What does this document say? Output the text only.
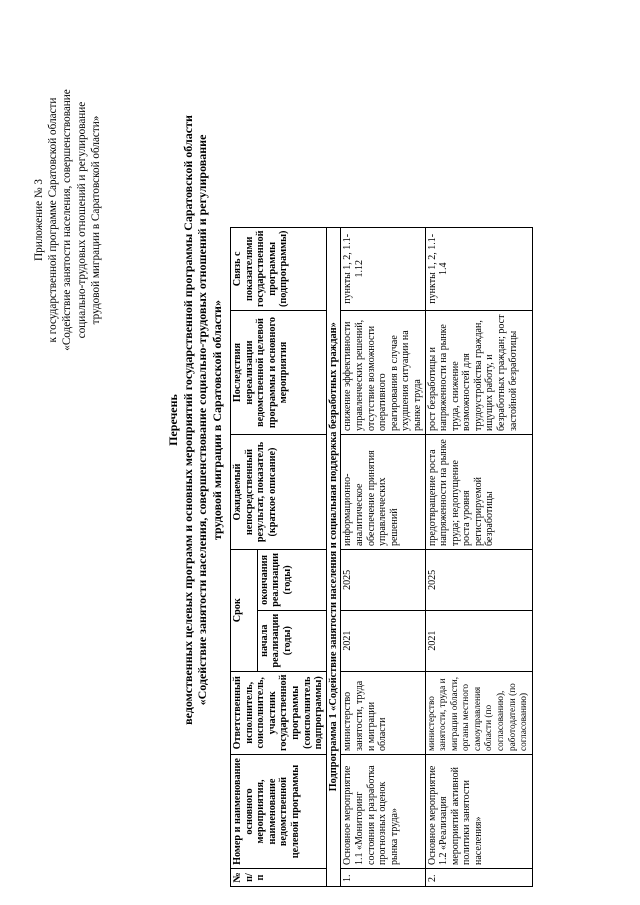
Приложение № 3 к государственной программе Саратовской области «Содействие занятости населения, совершенствование социально-трудовых отношений и регулирование трудовой миграции в Саратовской области»
Перечень ведомственных целевых программ и основных мероприятий государственной программы Саратовской области «Содействие занятости населения, совершенствование социально-трудовых отношений и регулирование трудовой миграции в Саратовской области»
№ п/п	Номер и наименование основного мероприятия, наименование ведомственной целевой программы	Ответственный исполнитель, соисполнитель, участник государственной программы (соисполнитель подпрограммы)	Срок		Ожидаемый непосредственный результат, показатель (краткое описание)	Последствия нереализации ведомственной целевой программы и основного мероприятия	Связь с показателями государственной программы (подпрограммы)
			начала реализации (годы)	окончания реализации (годы)			
Подпрограмма 1 «Содействие занятости населения и социальная поддержка безработных граждан»							
1.	Основное мероприятие 1.1 «Мониторинг состояния и разработка прогнозных оценок рынка труда»	министерство занятости, труда и миграции области	2021	2025	информационно-аналитическое обеспечение принятия управленческих решений	снижение эффективности управленческих решений, отсутствие возможности оперативного реагирования в случае ухудшения ситуации на рынке труда	пункты 1, 2, 1.1-1.12
2.	Основное мероприятие 1.2 «Реализация мероприятий активной политики занятости населения»	министерство занятости, труда и миграции области, органы местного самоуправления области (по согласованию), работодатели (по согласованию)	2021	2025	предотвращение роста напряженности на рынке труда; недопущение роста уровня регистрируемой безработицы	рост безработицы и напряженности на рынке труда, снижение возможностей для трудоустройства граждан, ищущих работу, и безработных граждан; рост застойной безработицы	пункты 1, 2, 1.1-1.4
